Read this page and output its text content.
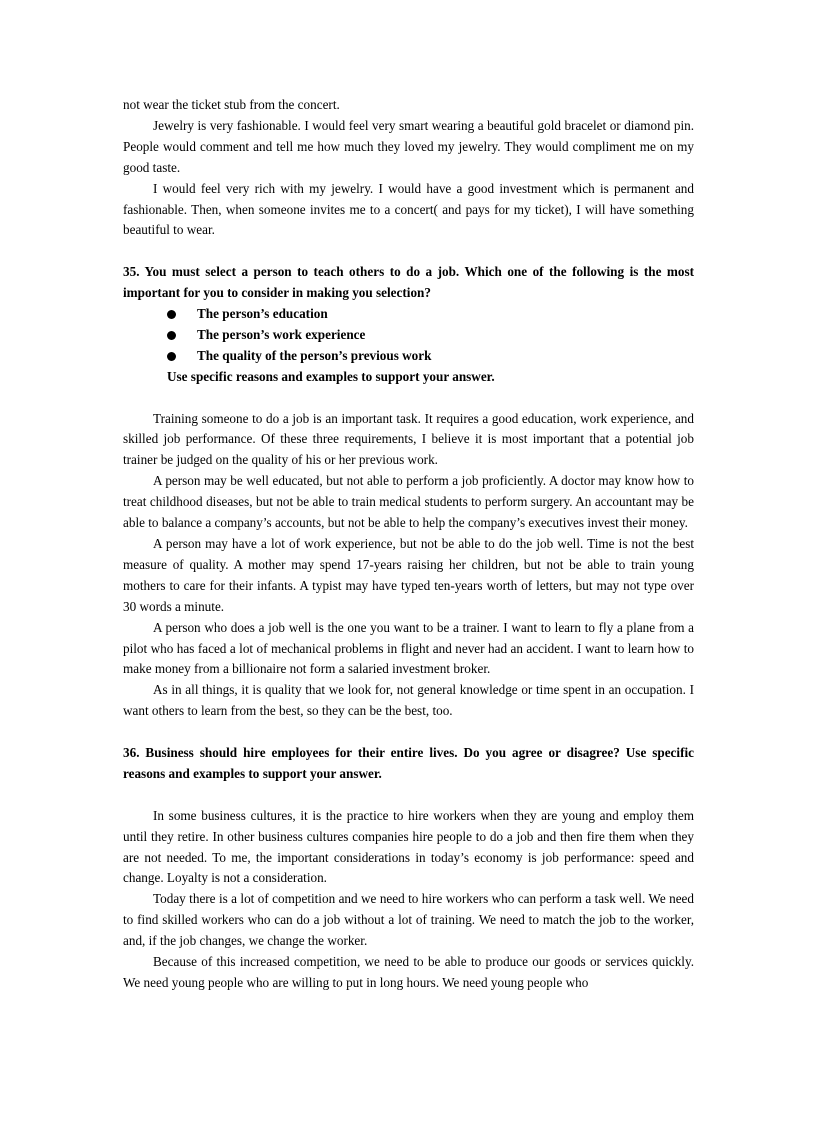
not wear the ticket stub from the concert.

Jewelry is very fashionable. I would feel very smart wearing a beautiful gold bracelet or diamond pin. People would comment and tell me how much they loved my jewelry. They would compliment me on my good taste.

I would feel very rich with my jewelry. I would have a good investment which is permanent and fashionable. Then, when someone invites me to a concert( and pays for my ticket), I will have something beautiful to wear.

35. You must select a person to teach others to do a job. Which one of the following is the most important for you to consider in making you selection?

The person’s education
The person’s work experience
The quality of the person’s previous work

Use specific reasons and examples to support your answer.

Training someone to do a job is an important task. It requires a good education, work experience, and skilled job performance. Of these three requirements, I believe it is most important that a potential job trainer be judged on the quality of his or her previous work.

A person may be well educated, but not able to perform a job proficiently. A doctor may know how to treat childhood diseases, but not be able to train medical students to perform surgery. An accountant may be able to balance a company’s accounts, but not be able to help the company’s executives invest their money.

A person may have a lot of work experience, but not be able to do the job well. Time is not the best measure of quality. A mother may spend 17-years raising her children, but not be able to train young mothers to care for their infants. A typist may have typed ten-years worth of letters, but may not type over 30 words a minute.

A person who does a job well is the one you want to be a trainer. I want to learn to fly a plane from a pilot who has faced a lot of mechanical problems in flight and never had an accident. I want to learn how to make money from a billionaire not form a salaried investment broker.

As in all things, it is quality that we look for, not general knowledge or time spent in an occupation. I want others to learn from the best, so they can be the best, too.

36. Business should hire employees for their entire lives. Do you agree or disagree? Use specific reasons and examples to support your answer.

In some business cultures, it is the practice to hire workers when they are young and employ them until they retire. In other business cultures companies hire people to do a job and then fire them when they are not needed. To me, the important considerations in today’s economy is job performance: speed and change. Loyalty is not a consideration.

Today there is a lot of competition and we need to hire workers who can perform a task well. We need to find skilled workers who can do a job without a lot of training. We need to match the job to the worker, and, if the job changes, we change the worker.

Because of this increased competition, we need to be able to produce our goods or services quickly. We need young people who are willing to put in long hours. We need young people who
